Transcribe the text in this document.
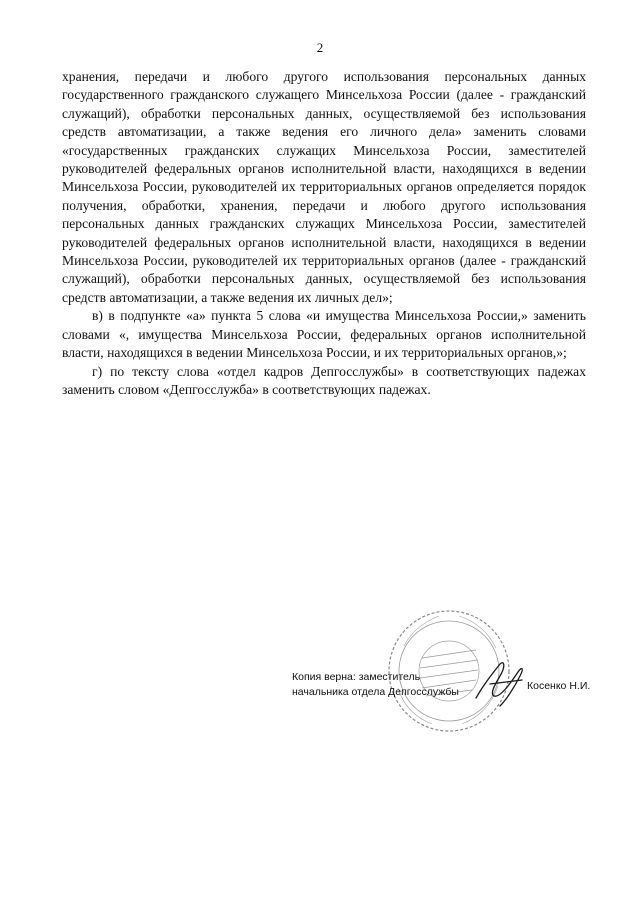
2

хранения, передачи и любого другого использования персональных данных государственного гражданского служащего Минсельхоза России (далее - гражданский служащий), обработки персональных данных, осуществляемой без использования средств автоматизации, а также ведения его личного дела» заменить словами «государственных гражданских служащих Минсельхоза России, заместителей руководителей федеральных органов исполнительной власти, находящихся в ведении Минсельхоза России, руководителей их территориальных органов определяется порядок получения, обработки, хранения, передачи и любого другого использования персональных данных гражданских служащих Минсельхоза России, заместителей руководителей федеральных органов исполнительной власти, находящихся в ведении Минсельхоза России, руководителей их территориальных органов (далее - гражданский служащий), обработки персональных данных, осуществляемой без использования средств автоматизации, а также ведения их личных дел»;

в) в подпункте «а» пункта 5 слова «и имущества Минсельхоза России,» заменить словами «, имущества Минсельхоза России, федеральных органов исполнительной власти, находящихся в ведении Минсельхоза России, и их территориальных органов,»;

г) по тексту слова «отдел кадров Депгосслужбы» в соответствующих падежах заменить словом «Депгосслужба» в соответствующих падежах.

Копия верна: заместитель
начальника отдела Депгосслужбы	Косенко Н.И.
